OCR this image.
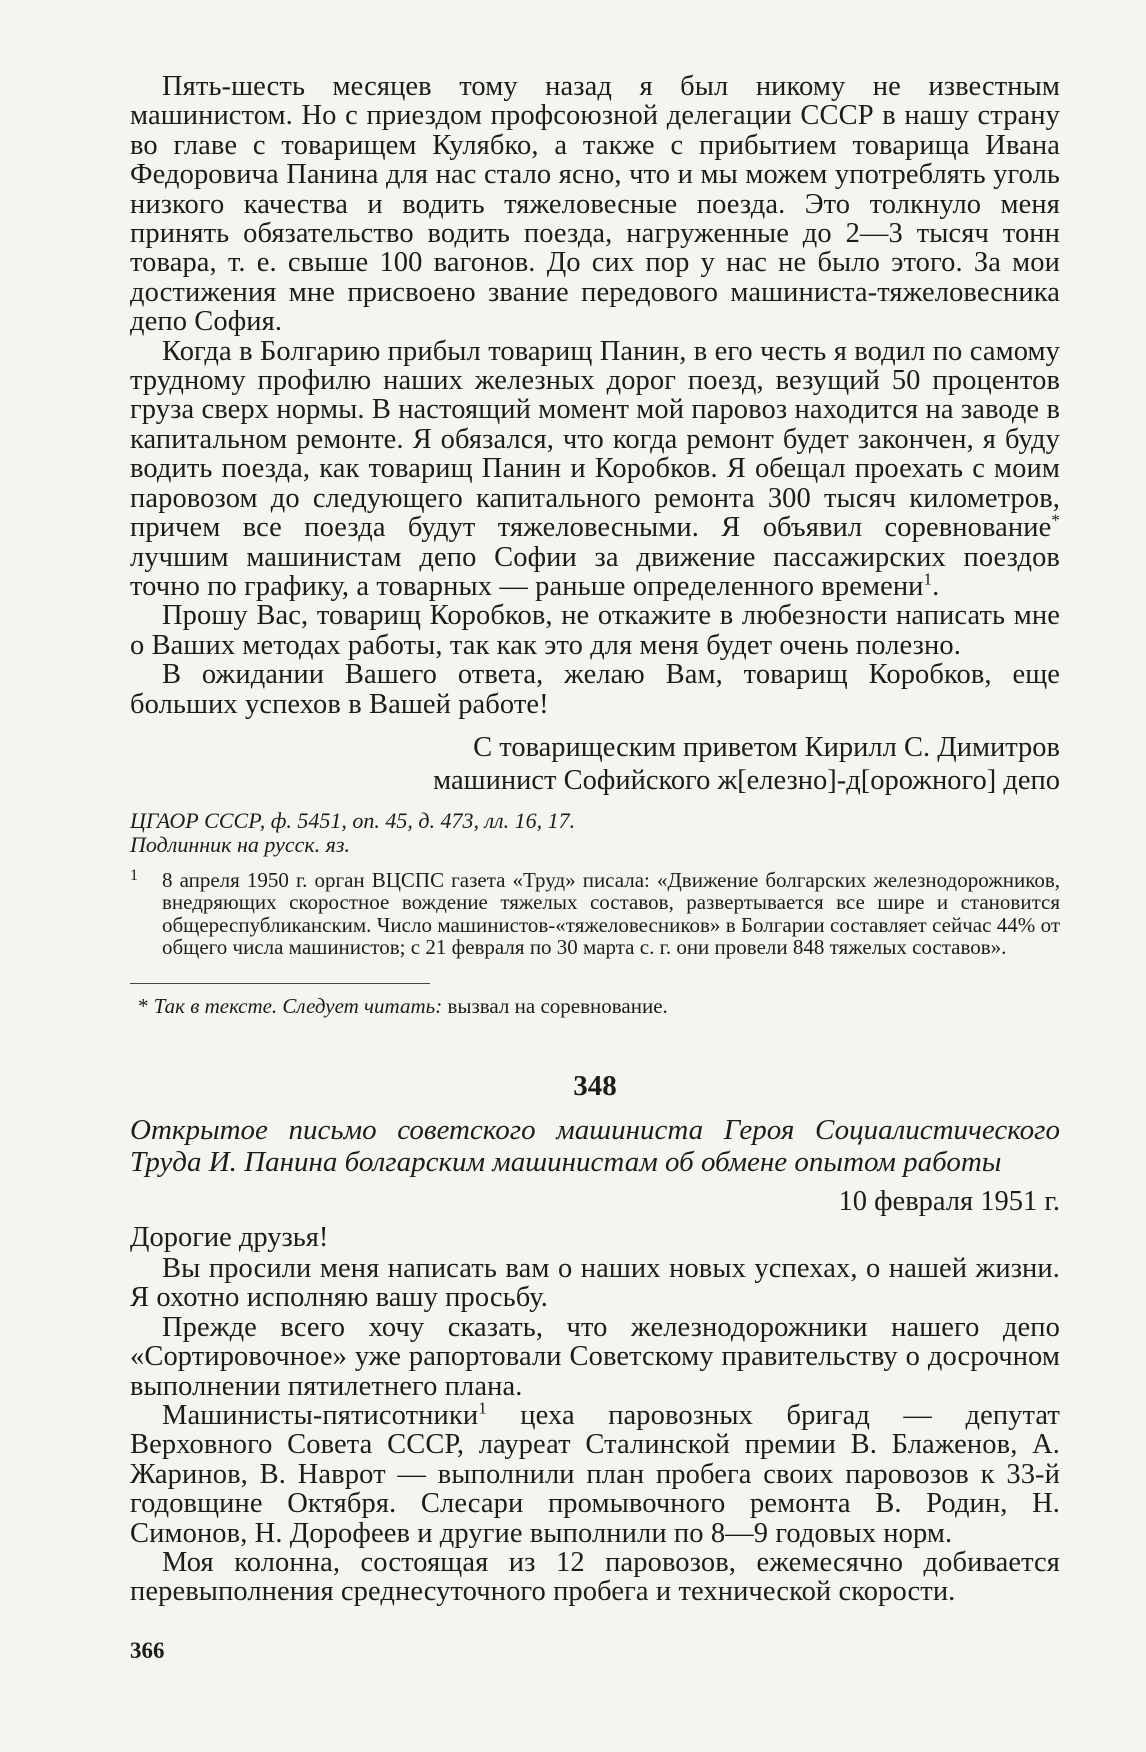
Пять-шесть месяцев тому назад я был никому не известным машинистом. Но с приездом профсоюзной делегации СССР в нашу страну во главе с товарищем Кулябко, а также с прибытием товарища Ивана Федоровича Панина для нас стало ясно, что и мы можем употреблять уголь низкого качества и водить тяжеловесные поезда. Это толкнуло меня принять обязательство водить поезда, нагруженные до 2—3 тысяч тонн товара, т. е. свыше 100 вагонов. До сих пор у нас не было этого. За мои достижения мне присвоено звание передового машиниста-тяжеловесника депо София.

Когда в Болгарию прибыл товарищ Панин, в его честь я водил по самому трудному профилю наших железных дорог поезд, везущий 50 процентов груза сверх нормы. В настоящий момент мой паровоз находится на заводе в капитальном ремонте. Я обязался, что когда ремонт будет закончен, я буду водить поезда, как товарищ Панин и Коробков. Я обещал проехать с моим паровозом до следующего капитального ремонта 300 тысяч километров, причем все поезда будут тяжеловесными. Я объявил соревнование* лучшим машинистам депо Софии за движение пассажирских поездов точно по графику, а товарных — раньше определенного времени$^1$.

Прошу Вас, товарищ Коробков, не откажите в любезности написать мне о Ваших методах работы, так как это для меня будет очень полезно.

В ожидании Вашего ответа, желаю Вам, товарищ Коробков, еще больших успехов в Вашей работе!

С товарищеским приветом Кирилл С. Димитров

машинист Софийского ж[елезно]-д[орожного] депо

ЦГАОР СССР, ф. 5451, оп. 45, д. 473, лл. 16, 17.

Подлинник на русск. яз.

1 8 апреля 1950 г. орган ВЦСПС газета «Труд» писала: «Движение болгарских железнодорожников, внедряющих скоростное вождение тяжелых составов, развертывается все шире и становится общереспубликанским. Число машинистов-«тяжеловесников» в Болгарии составляет сейчас 44% от общего числа машинистов; с 21 февраля по 30 марта с. г. они провели 848 тяжелых составов».

* Так в тексте. Следует читать: вызвал на соревнование.

348

Открытое письмо советского машиниста Героя Социалистического Труда И. Панина болгарским машинистам об обмене опытом работы

10 февраля 1951 г.

Дорогие друзья!

Вы просили меня написать вам о наших новых успехах, о нашей жизни. Я охотно исполняю вашу просьбу.

Прежде всего хочу сказать, что железнодорожники нашего депо «Сортировочное» уже рапортовали Советскому правительству о досрочном выполнении пятилетнего плана.

Машинисты-пятисотники$^1$ цеха паровозных бригад — депутат Верховного Совета СССР, лауреат Сталинской премии В. Блаженов, А. Жаринов, В. Наврот — выполнили план пробега своих паровозов к 33-й годовщине Октября. Слесари промывочного ремонта В. Родин, Н. Симонов, Н. Дорофеев и другие выполнили по 8—9 годовых норм.

Моя колонна, состоящая из 12 паровозов, ежемесячно добивается перевыполнения среднесуточного пробега и технической скорости.

366
